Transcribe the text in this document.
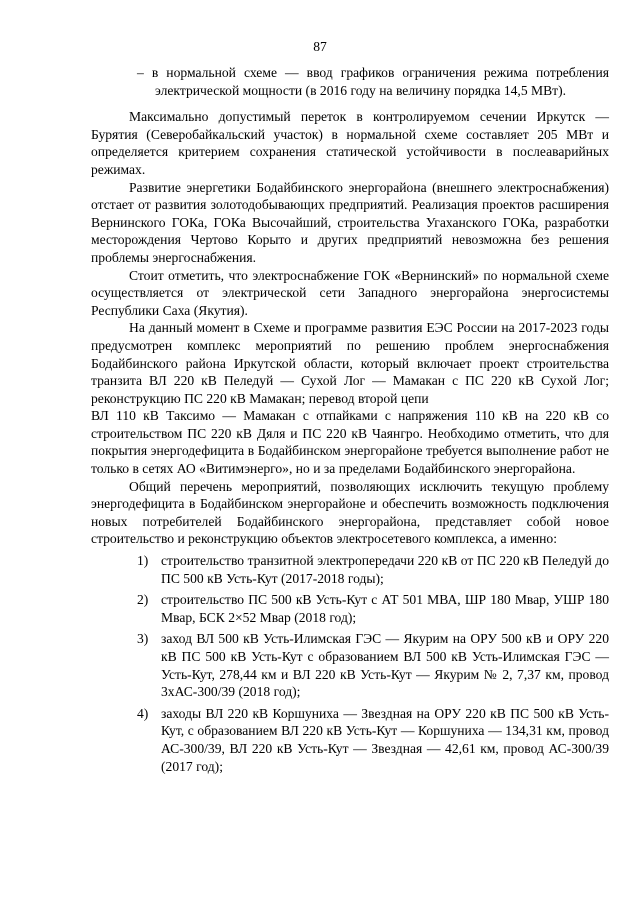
87

– в нормальной схеме — ввод графиков ограничения режима потребления электрической мощности (в 2016 году на величину порядка 14,5 МВт).

Максимально допустимый переток в контролируемом сечении Иркутск — Бурятия (Северобайкальский участок) в нормальной схеме составляет 205 МВт и определяется критерием сохранения статической устойчивости в послеаварийных режимах.

Развитие энергетики Бодайбинского энергорайона (внешнего электроснабжения) отстает от развития золотодобывающих предприятий. Реализация проектов расширения Вернинского ГОКа, ГОКа Высочайший, строительства Угаханского ГОКа, разработки месторождения Чертово Корыто и других предприятий невозможна без решения проблемы энергоснабжения.

Стоит отметить, что электроснабжение ГОК «Вернинский» по нормальной схеме осуществляется от электрической сети Западного энергорайона энергосистемы Республики Саха (Якутия).

На данный момент в Схеме и программе развития ЕЭС России на 2017-2023 годы предусмотрен комплекс мероприятий по решению проблем энергоснабжения Бодайбинского района Иркутской области, который включает проект строительства транзита ВЛ 220 кВ Пеледуй — Сухой Лог — Мамакан с ПС 220 кВ Сухой Лог; реконструкцию ПС 220 кВ Мамакан; перевод второй цепи

ВЛ 110 кВ Таксимо — Мамакан с отпайками с напряжения 110 кВ на 220 кВ со строительством ПС 220 кВ Дяля и ПС 220 кВ Чаянгро. Необходимо отметить, что для покрытия энергодефицита в Бодайбинском энергорайоне требуется выполнение работ не только в сетях АО «Витимэнерго», но и за пределами Бодайбинского энергорайона.

Общий перечень мероприятий, позволяющих исключить текущую проблему энергодефицита в Бодайбинском энергорайоне и обеспечить возможность подключения новых потребителей Бодайбинского энергорайона, представляет собой новое строительство и реконструкцию объектов электросетевого комплекса, а именно:

1) строительство транзитной электропередачи 220 кВ от ПС 220 кВ Пеледуй до ПС 500 кВ Усть-Кут (2017-2018 годы);
2) строительство ПС 500 кВ Усть-Кут с АТ 501 МВА, ШР 180 Мвар, УШР 180 Мвар, БСК 2×52 Мвар (2018 год);
3) заход ВЛ 500 кВ Усть-Илимская ГЭС — Якурим на ОРУ 500 кВ и ОРУ 220 кВ ПС 500 кВ Усть-Кут с образованием ВЛ 500 кВ Усть-Илимская ГЭС — Усть-Кут, 278,44 км и ВЛ 220 кВ Усть-Кут — Якурим № 2, 7,37 км, провод 3хАС-300/39 (2018 год);
4) заходы ВЛ 220 кВ Коршуниха — Звездная на ОРУ 220 кВ ПС 500 кВ Усть-Кут, с образованием ВЛ 220 кВ Усть-Кут — Коршуниха — 134,31 км, провод АС-300/39, ВЛ 220 кВ Усть-Кут — Звездная — 42,61 км, провод АС-300/39 (2017 год);
